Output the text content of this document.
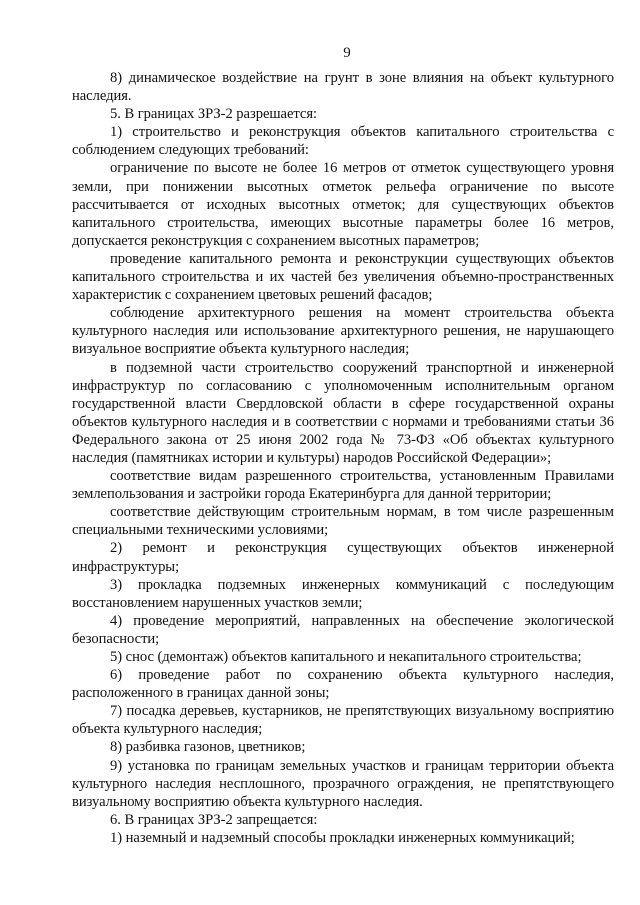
9

8) динамическое воздействие на грунт в зоне влияния на объект культурного наследия.

5. В границах ЗРЗ-2 разрешается:

1) строительство и реконструкция объектов капитального строительства с соблюдением следующих требований:

ограничение по высоте не более 16 метров от отметок существующего уровня земли, при понижении высотных отметок рельефа ограничение по высоте рассчитывается от исходных высотных отметок; для существующих объектов капитального строительства, имеющих высотные параметры более 16 метров, допускается реконструкция с сохранением высотных параметров;

проведение капитального ремонта и реконструкции существующих объектов капитального строительства и их частей без увеличения объемно-пространственных характеристик с сохранением цветовых решений фасадов;

соблюдение архитектурного решения на момент строительства объекта культурного наследия или использование архитектурного решения, не нарушающего визуальное восприятие объекта культурного наследия;

в подземной части строительство сооружений транспортной и инженерной инфраструктур по согласованию с уполномоченным исполнительным органом государственной власти Свердловской области в сфере государственной охраны объектов культурного наследия и в соответствии с нормами и требованиями статьи 36 Федерального закона от 25 июня 2002 года № 73-ФЗ «Об объектах культурного наследия (памятниках истории и культуры) народов Российской Федерации»;

соответствие видам разрешенного строительства, установленным Правилами землепользования и застройки города Екатеринбурга для данной территории;

соответствие действующим строительным нормам, в том числе разрешенным специальными техническими условиями;

2) ремонт и реконструкция существующих объектов инженерной инфраструктуры;

3) прокладка подземных инженерных коммуникаций с последующим восстановлением нарушенных участков земли;

4) проведение мероприятий, направленных на обеспечение экологической безопасности;

5) снос (демонтаж) объектов капитального и некапитального строительства;

6) проведение работ по сохранению объекта культурного наследия, расположенного в границах данной зоны;

7) посадка деревьев, кустарников, не препятствующих визуальному восприятию объекта культурного наследия;

8) разбивка газонов, цветников;

9) установка по границам земельных участков и границам территории объекта культурного наследия несплошного, прозрачного ограждения, не препятствующего визуальному восприятию объекта культурного наследия.

6. В границах ЗРЗ-2 запрещается:

1) наземный и надземный способы прокладки инженерных коммуникаций;
